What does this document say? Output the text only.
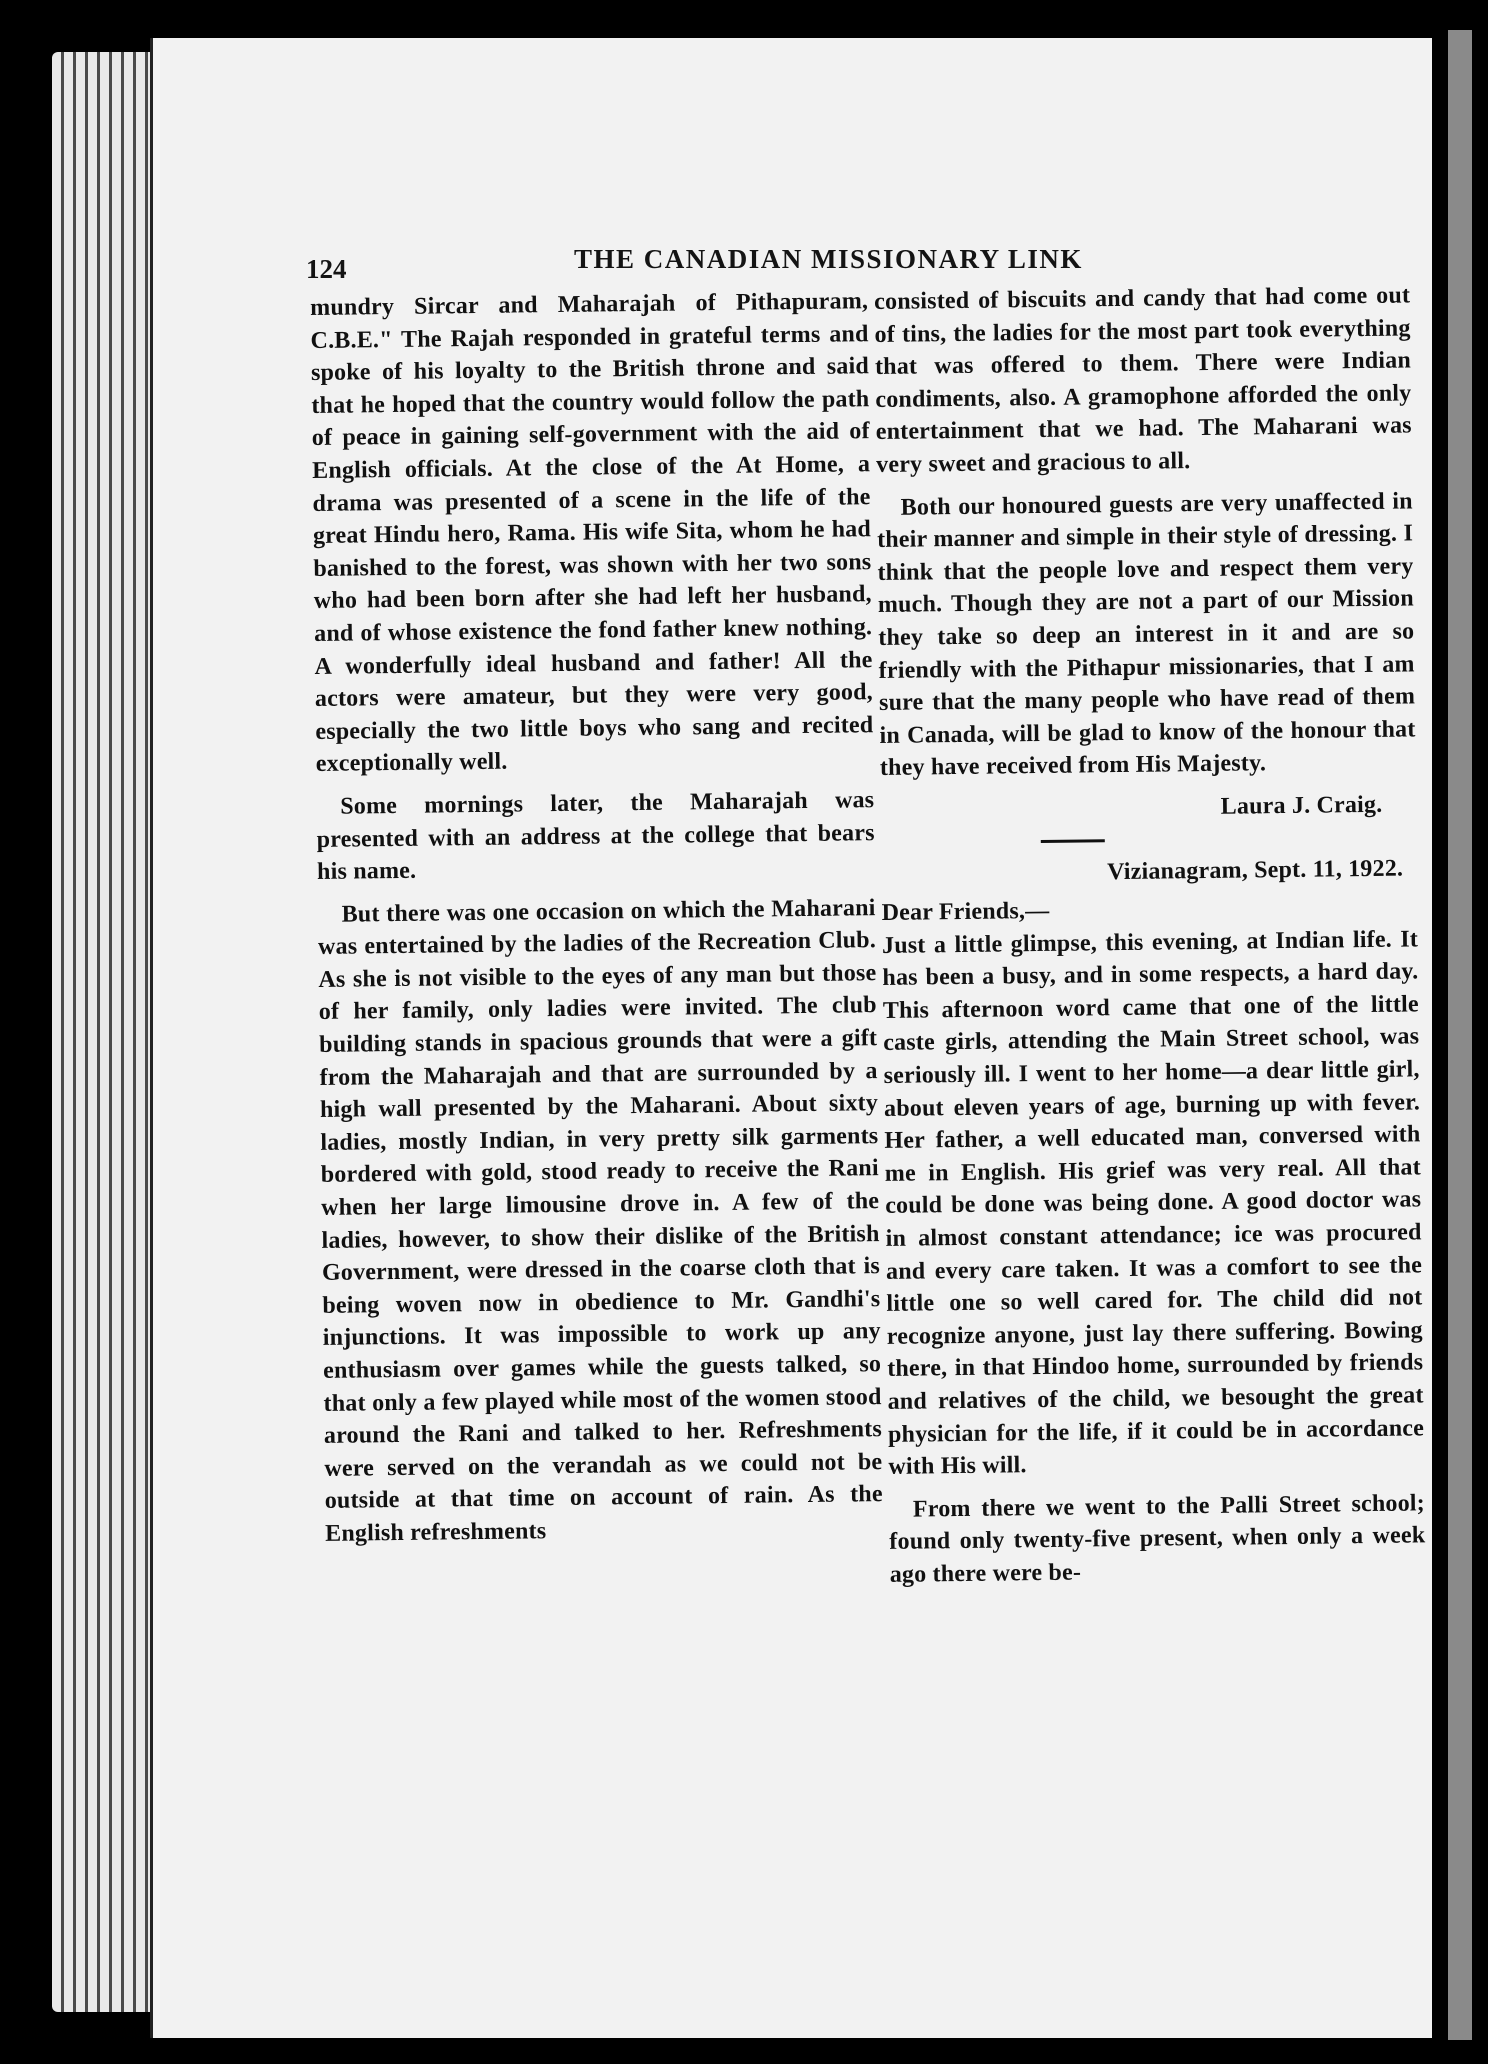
124	THE CANADIAN MISSIONARY LINK

mundry Sircar and Maharajah of Pithapuram, C.B.E." The Rajah responded in grateful terms and spoke of his loyalty to the British throne and said that he hoped that the country would follow the path of peace in gaining self-government with the aid of English officials. At the close of the At Home, a drama was presented of a scene in the life of the great Hindu hero, Rama. His wife Sita, whom he had banished to the forest, was shown with her two sons who had been born after she had left her husband, and of whose existence the fond father knew nothing. A wonderfully ideal husband and father! All the actors were amateur, but they were very good, especially the two little boys who sang and recited exceptionally well.

Some mornings later, the Maharajah was presented with an address at the college that bears his name.

But there was one occasion on which the Maharani was entertained by the ladies of the Recreation Club. As she is not visible to the eyes of any man but those of her family, only ladies were invited. The club building stands in spacious grounds that were a gift from the Maharajah and that are surrounded by a high wall presented by the Maharani. About sixty ladies, mostly Indian, in very pretty silk garments bordered with gold, stood ready to receive the Rani when her large limousine drove in. A few of the ladies, however, to show their dislike of the British Government, were dressed in the coarse cloth that is being woven now in obedience to Mr. Gandhi's injunctions. It was impossible to work up any enthusiasm over games while the guests talked, so that only a few played while most of the women stood around the Rani and talked to her. Refreshments were served on the verandah as we could not be outside at that time on account of rain. As the English refreshments

consisted of biscuits and candy that had come out of tins, the ladies for the most part took everything that was offered to them. There were Indian condiments, also. A gramophone afforded the only entertainment that we had. The Maharani was very sweet and gracious to all.

Both our honoured guests are very unaffected in their manner and simple in their style of dressing. I think that the people love and respect them very much. Though they are not a part of our Mission they take so deep an interest in it and are so friendly with the Pithapur missionaries, that I am sure that the many people who have read of them in Canada, will be glad to know of the honour that they have received from His Majesty.

Laura J. Craig.
Vizianagram, Sept. 11, 1922.

Dear Friends,—

Just a little glimpse, this evening, at Indian life. It has been a busy, and in some respects, a hard day. This afternoon word came that one of the little caste girls, attending the Main Street school, was seriously ill. I went to her home—a dear little girl, about eleven years of age, burning up with fever. Her father, a well educated man, conversed with me in English. His grief was very real. All that could be done was being done. A good doctor was in almost constant attendance; ice was procured and every care taken. It was a comfort to see the little one so well cared for. The child did not recognize anyone, just lay there suffering. Bowing there, in that Hindoo home, surrounded by friends and relatives of the child, we besought the great physician for the life, if it could be in accordance with His will.

From there we went to the Palli Street school; found only twenty-five present, when only a week ago there were be-
